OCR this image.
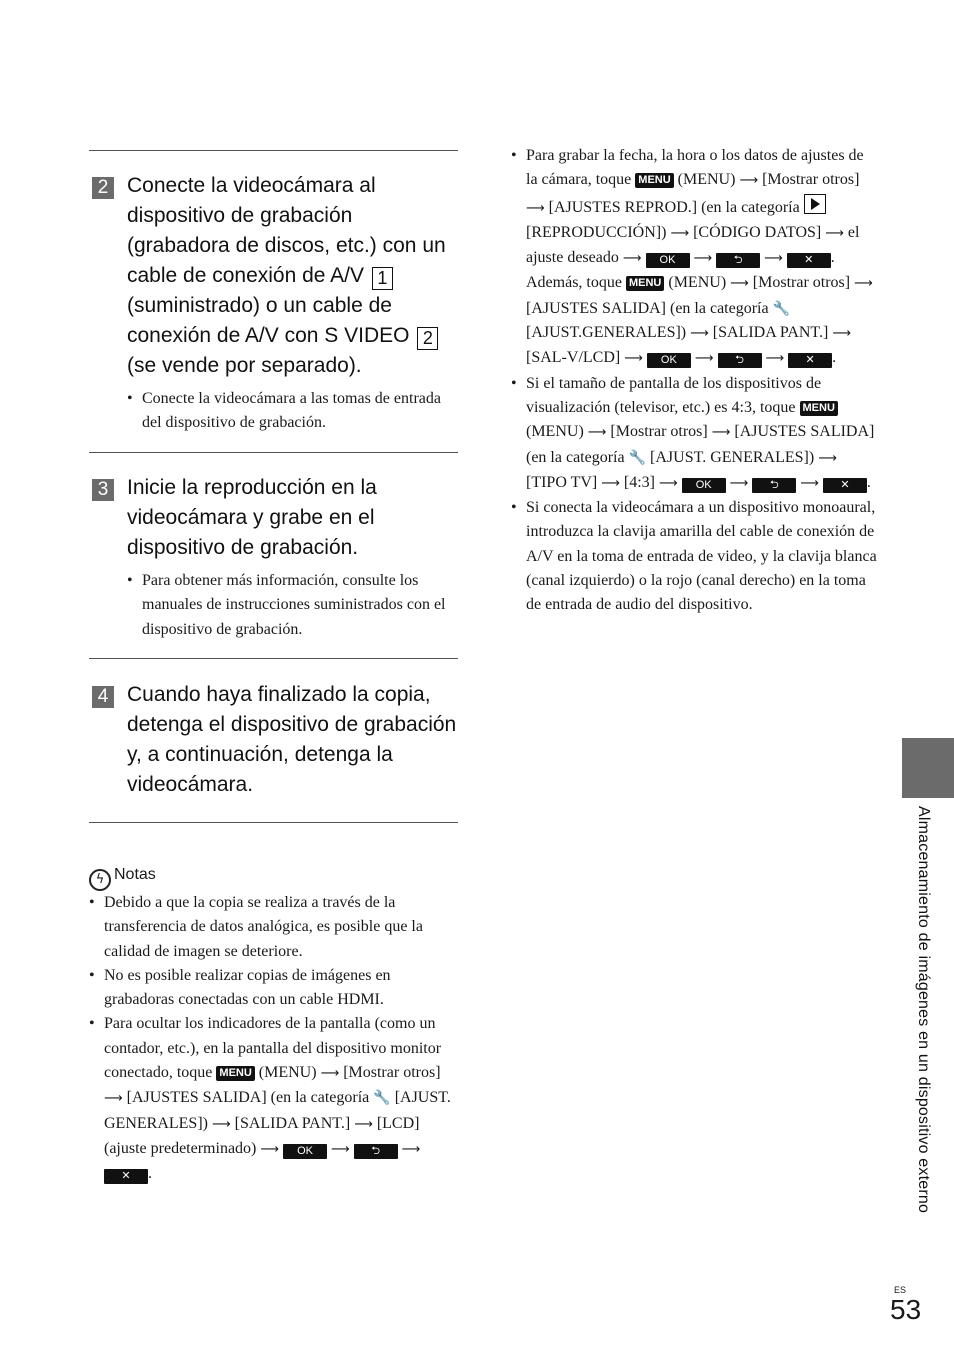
2 Conecte la videocámara al dispositivo de grabación (grabadora de discos, etc.) con un cable de conexión de A/V 1 (suministrado) o un cable de conexión de A/V con S VIDEO 2 (se vende por separado).
• Conecte la videocámara a las tomas de entrada del dispositivo de grabación.
3 Inicie la reproducción en la videocámara y grabe en el dispositivo de grabación.
• Para obtener más información, consulte los manuales de instrucciones suministrados con el dispositivo de grabación.
4 Cuando haya finalizado la copia, detenga el dispositivo de grabación y, a continuación, detenga la videocámara.
ϟ Notas
• Debido a que la copia se realiza a través de la transferencia de datos analógica, es posible que la calidad de imagen se deteriore.
• No es posible realizar copias de imágenes en grabadoras conectadas con un cable HDMI.
• Para ocultar los indicadores de la pantalla (como un contador, etc.), en la pantalla del dispositivo monitor conectado, toque MENU (MENU) ⟶ [Mostrar otros] ⟶ [AJUSTES SALIDA] (en la categoría 🔧 [AJUST. GENERALES]) ⟶ [SALIDA PANT.] ⟶ [LCD] (ajuste predeterminado) ⟶ OK ⟶ ⮌ ⟶ ✕ .
• Para grabar la fecha, la hora o los datos de ajustes de la cámara, toque MENU (MENU) ⟶ [Mostrar otros] ⟶ [AJUSTES REPROD.] (en la categoría  [REPRODUCCIÓN]) ⟶ [CÓDIGO DATOS] ⟶ el ajuste deseado ⟶ OK ⟶ ⮌ ⟶ ✕ . Además, toque MENU (MENU) ⟶ [Mostrar otros] ⟶ [AJUSTES SALIDA] (en la categoría 🔧 [AJUST.GENERALES]) ⟶ [SALIDA PANT.] ⟶ [SAL-V/LCD] ⟶ OK ⟶ ⮌ ⟶ ✕ .
• Si el tamaño de pantalla de los dispositivos de visualización (televisor, etc.) es 4:3, toque MENU (MENU) ⟶ [Mostrar otros] ⟶ [AJUSTES SALIDA] (en la categoría 🔧 [AJUST. GENERALES]) ⟶ [TIPO TV] ⟶ [4:3] ⟶ OK ⟶ ⮌ ⟶ ✕ .
• Si conecta la videocámara a un dispositivo monoaural, introduzca la clavija amarilla del cable de conexión de A/V en la toma de entrada de video, y la clavija blanca (canal izquierdo) o la rojo (canal derecho) en la toma de entrada de audio del dispositivo.
Almacenamiento de imágenes en un dispositivo externo
ES
53
